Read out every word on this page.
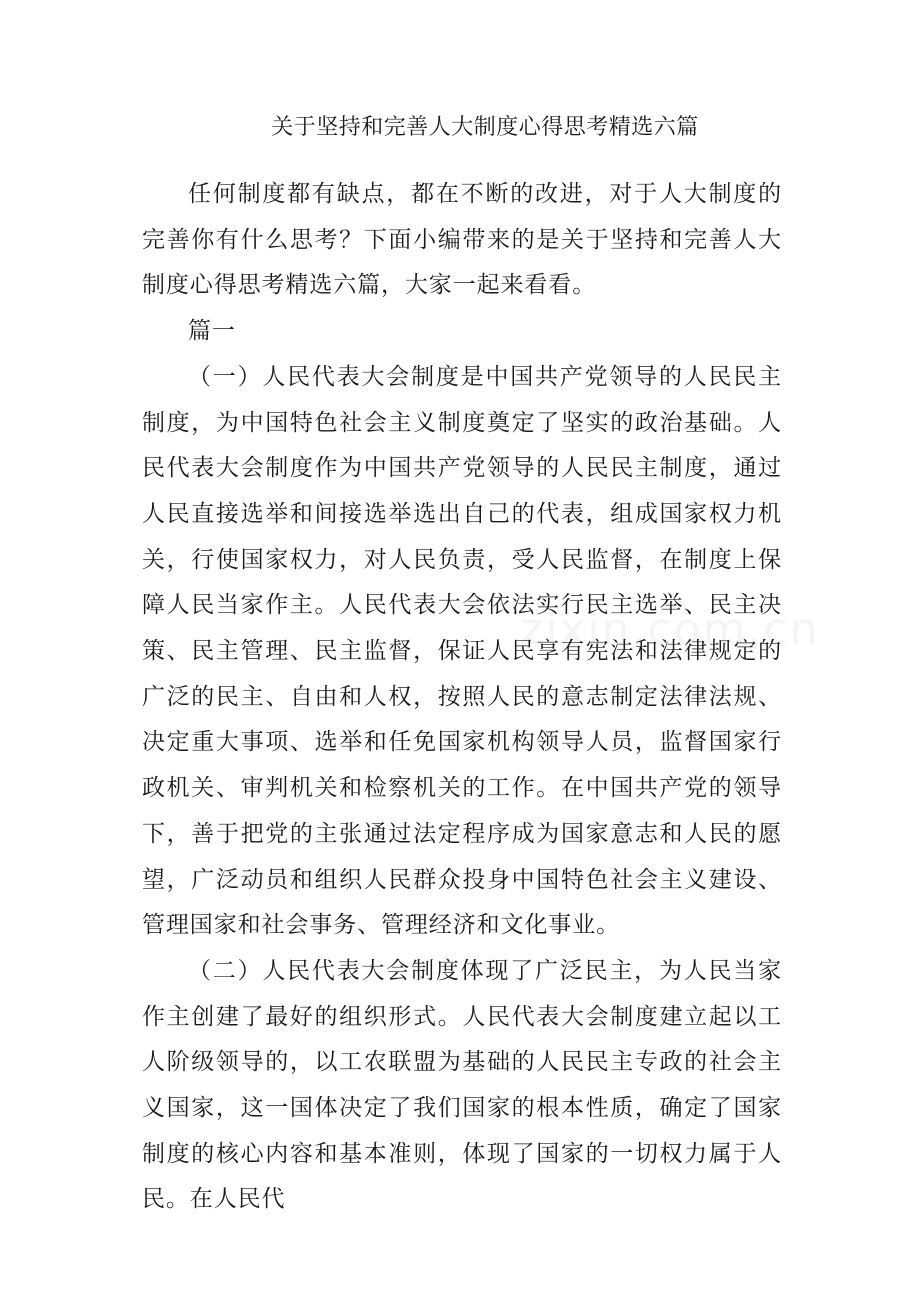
关于坚持和完善人大制度心得思考精选六篇

任何制度都有缺点，都在不断的改进，对于人大制度的完善你有什么思考？下面小编带来的是关于坚持和完善人大制度心得思考精选六篇，大家一起来看看。

篇一

（一）人民代表大会制度是中国共产党领导的人民民主制度，为中国特色社会主义制度奠定了坚实的政治基础。人民代表大会制度作为中国共产党领导的人民民主制度，通过人民直接选举和间接选举选出自己的代表，组成国家权力机关，行使国家权力，对人民负责，受人民监督，在制度上保障人民当家作主。人民代表大会依法实行民主选举、民主决策、民主管理、民主监督，保证人民享有宪法和法律规定的广泛的民主、自由和人权，按照人民的意志制定法律法规、决定重大事项、选举和任免国家机构领导人员，监督国家行政机关、审判机关和检察机关的工作。在中国共产党的领导下，善于把党的主张通过法定程序成为国家意志和人民的愿望，广泛动员和组织人民群众投身中国特色社会主义建设、管理国家和社会事务、管理经济和文化事业。

（二）人民代表大会制度体现了广泛民主，为人民当家作主创建了最好的组织形式。人民代表大会制度建立起以工人阶级领导的，以工农联盟为基础的人民民主专政的社会主义国家，这一国体决定了我们国家的根本性质，确定了国家制度的核心内容和基本准则，体现了国家的一切权力属于人民。在人民代
